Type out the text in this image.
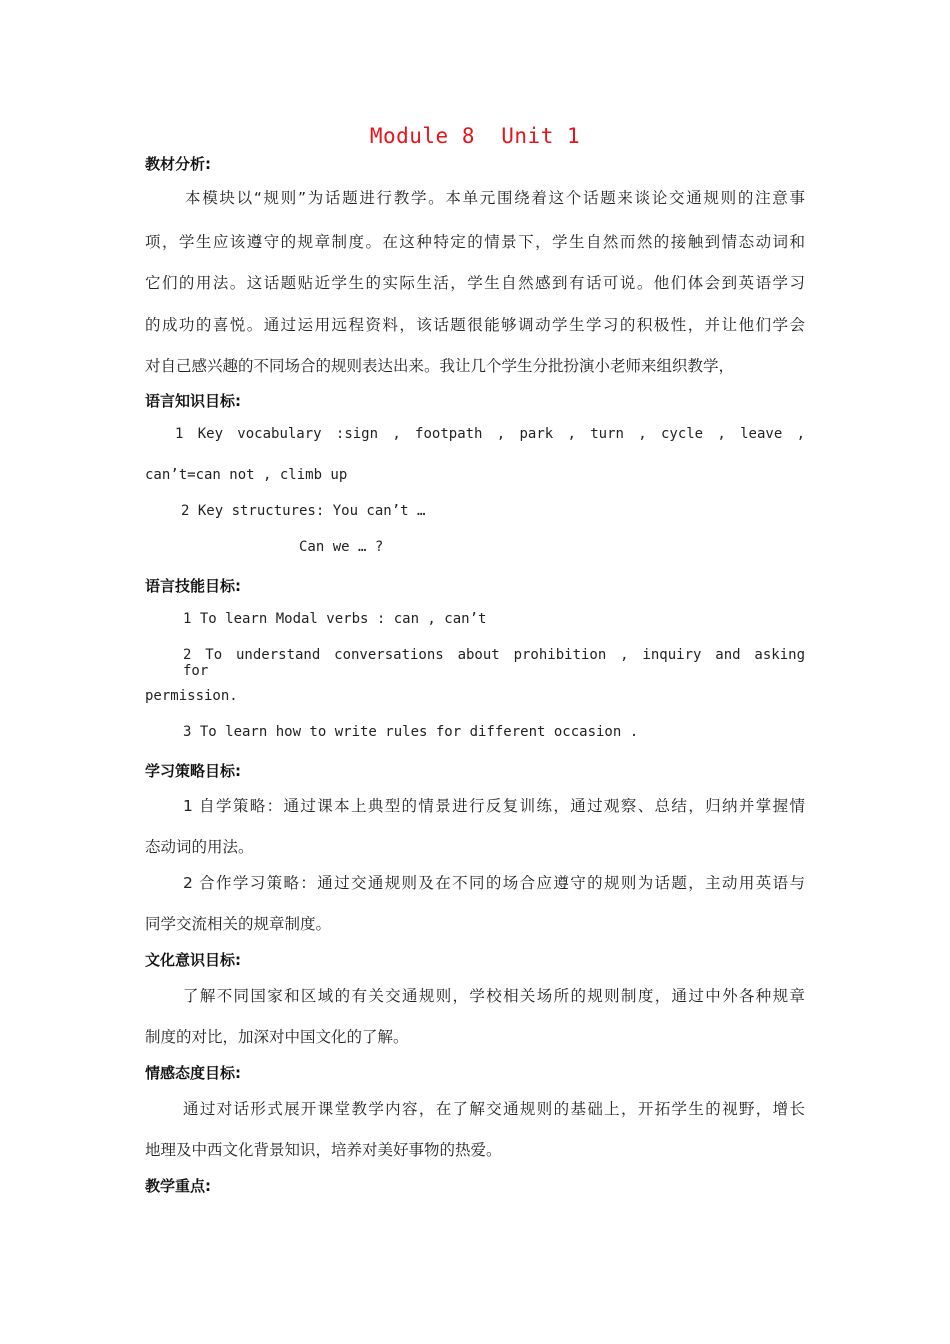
Module 8  Unit 1
教材分析:
本模块以“规则”为话题进行教学。本单元围绕着这个话题来谈论交通规则的注意事
项，学生应该遵守的规章制度。在这种特定的情景下，学生自然而然的接触到情态动词和
它们的用法。这话题贴近学生的实际生活，学生自然感到有话可说。他们体会到英语学习
的成功的喜悦。通过运用远程资料，该话题很能够调动学生学习的积极性，并让他们学会
对自己感兴趣的不同场合的规则表达出来。我让几个学生分批扮演小老师来组织教学，
语言知识目标:
1 Key vocabulary :sign , footpath , park , turn , cycle , leave ,
can’t=can not , climb up
2 Key structures: You can’t …
Can we … ?
语言技能目标:
1 To learn Modal verbs : can , can’t
2 To understand conversations about prohibition , inquiry and asking for
permission.
3 To learn how to write rules for different occasion .
学习策略目标:
1 自学策略：通过课本上典型的情景进行反复训练，通过观察、总结，归纳并掌握情
态动词的用法。
2 合作学习策略：通过交通规则及在不同的场合应遵守的规则为话题，主动用英语与
同学交流相关的规章制度。
文化意识目标:
了解不同国家和区域的有关交通规则，学校相关场所的规则制度，通过中外各种规章
制度的对比，加深对中国文化的了解。
情感态度目标:
通过对话形式展开课堂教学内容，在了解交通规则的基础上，开拓学生的视野，增长
地理及中西文化背景知识，培养对美好事物的热爱。
教学重点:
